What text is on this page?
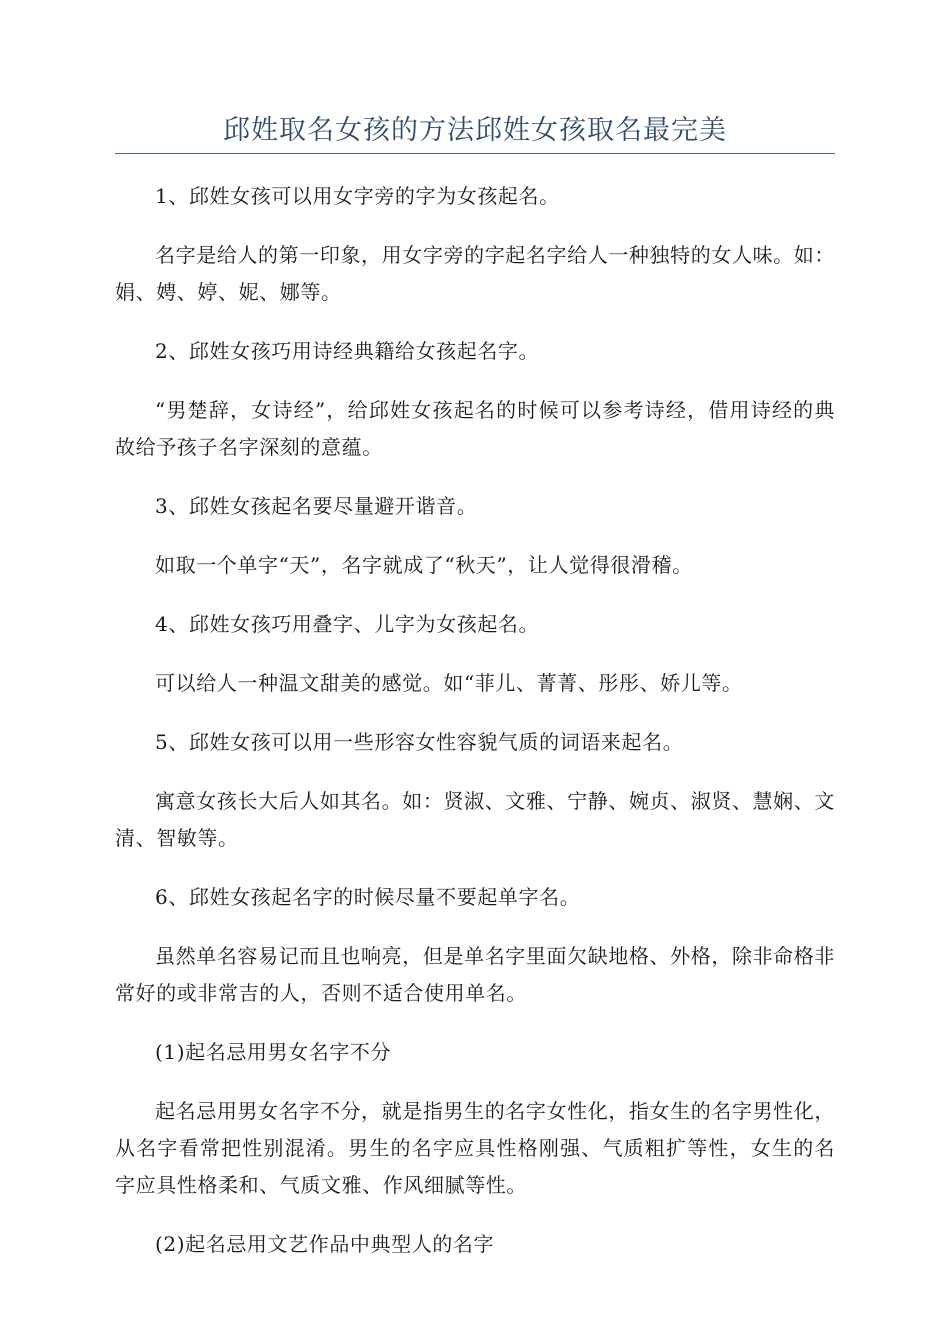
邱姓取名女孩的方法邱姓女孩取名最完美

1、邱姓女孩可以用女字旁的字为女孩起名。

名字是给人的第一印象，用女字旁的字起名字给人一种独特的女人味。如：娟、娉、婷、妮、娜等。

2、邱姓女孩巧用诗经典籍给女孩起名字。

“男楚辞，女诗经”，给邱姓女孩起名的时候可以参考诗经，借用诗经的典故给予孩子名字深刻的意蕴。

3、邱姓女孩起名要尽量避开谐音。

如取一个单字“天”，名字就成了“秋天”，让人觉得很滑稽。

4、邱姓女孩巧用叠字、儿字为女孩起名。

可以给人一种温文甜美的感觉。如“菲儿、菁菁、彤彤、娇儿等。

5、邱姓女孩可以用一些形容女性容貌气质的词语来起名。

寓意女孩长大后人如其名。如：贤淑、文雅、宁静、婉贞、淑贤、慧娴、文清、智敏等。

6、邱姓女孩起名字的时候尽量不要起单字名。

虽然单名容易记而且也响亮，但是单名字里面欠缺地格、外格，除非命格非常好的或非常吉的人，否则不适合使用单名。

(1)起名忌用男女名字不分

起名忌用男女名字不分，就是指男生的名字女性化，指女生的名字男性化，从名字看常把性别混淆。男生的名字应具性格刚强、气质粗扩等性，女生的名字应具性格柔和、气质文雅、作风细腻等性。

(2)起名忌用文艺作品中典型人的名字
